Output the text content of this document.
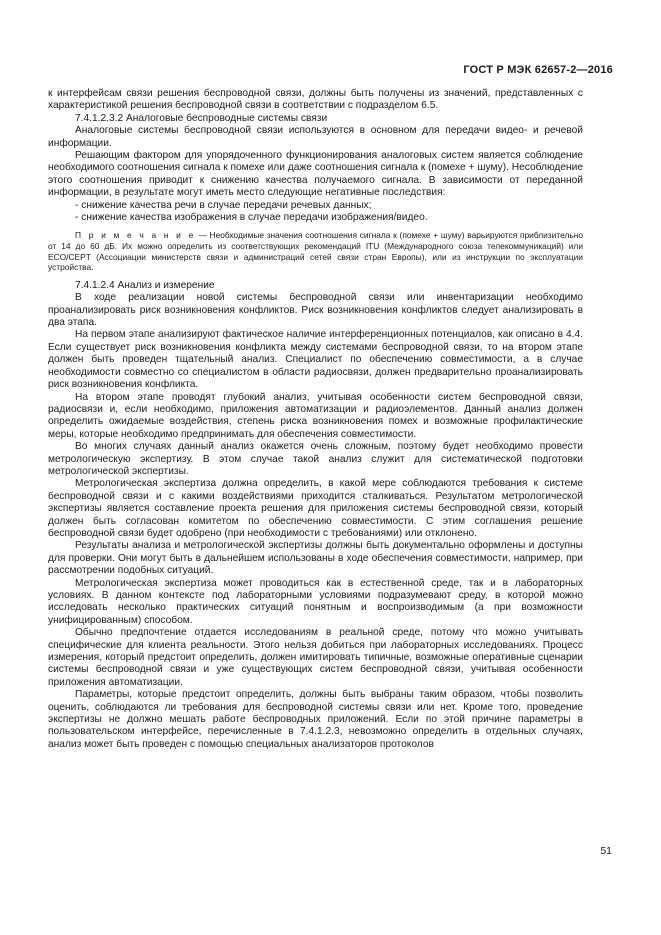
ГОСТ Р МЭК 62657-2—2016

к интерфейсам связи решения беспроводной связи, должны быть получены из значений, представленных с характеристикой решения беспроводной связи в соответствии с подразделом 6.5.

7.4.1.2.3.2 Аналоговые беспроводные системы связи

Аналоговые системы беспроводной связи используются в основном для передачи видео- и речевой информации.

Решающим фактором для упорядоченного функционирования аналоговых систем является соблюдение необходимого соотношения сигнала к помехе или даже соотношения сигнала к (помехе + шуму). Несоблюдение этого соотношения приводит к снижению качества получаемого сигнала. В зависимости от переданной информации, в результате могут иметь место следующие негативные последствия:

- снижение качества речи в случае передачи речевых данных;

- снижение качества изображения в случае передачи изображения/видео.

П р и м е ч а н и е — Необходимые значения соотношения сигнала к (помехе + шуму) варьируются приблизительно от 14 до 60 дБ. Их можно определить из соответствующих рекомендаций ITU (Международного союза телекоммуникаций) или ECO/CEPT (Ассоциации министерств связи и администраций сетей связи стран Европы), или из инструкции по эксплуатации устройства.

7.4.1.2.4 Анализ и измерение

В ходе реализации новой системы беспроводной связи или инвентаризации необходимо проанализировать риск возникновения конфликтов. Риск возникновения конфликтов следует анализировать в два этапа.

На первом этапе анализируют фактическое наличие интерференционных потенциалов, как описано в 4.4. Если существует риск возникновения конфликта между системами беспроводной связи, то на втором этапе должен быть проведен тщательный анализ. Специалист по обеспечению совместимости, а в случае необходимости совместно со специалистом в области радиосвязи, должен предварительно проанализировать риск возникновения конфликта.

На втором этапе проводят глубокий анализ, учитывая особенности систем беспроводной связи, радиосвязи и, если необходимо, приложения автоматизации и радиоэлементов. Данный анализ должен определить ожидаемые воздействия, степень риска возникновения помех и возможные профилактические меры, которые необходимо предпринимать для обеспечения совместимости.

Во многих случаях данный анализ окажется очень сложным, поэтому будет необходимо провести метрологическую экспертизу. В этом случае такой анализ служит для систематической подготовки метрологической экспертизы.

Метрологическая экспертиза должна определить, в какой мере соблюдаются требования к системе беспроводной связи и с какими воздействиями приходится сталкиваться. Результатом метрологической экспертизы является составление проекта решения для приложения системы беспроводной связи, который должен быть согласован комитетом по обеспечению совместимости. С этим соглашения решение беспроводной связи будет одобрено (при необходимости с требованиями) или отклонено.

Результаты анализа и метрологической экспертизы должны быть документально оформлены и доступны для проверки. Они могут быть в дальнейшем использованы в ходе обеспечения совместимости, например, при рассмотрении подобных ситуаций.

Метрологическая экспертиза может проводиться как в естественной среде, так и в лабораторных условиях. В данном контексте под лабораторными условиями подразумевают среду, в которой можно исследовать несколько практических ситуаций понятным и воспроизводимым (а при возможности унифицированным) способом.

Обычно предпочтение отдается исследованиям в реальной среде, потому что можно учитывать специфические для клиента реальности. Этого нельзя добиться при лабораторных исследованиях. Процесс измерения, который предстоит определить, должен имитировать типичные, возможные оперативные сценарии системы беспроводной связи и уже существующих систем беспроводной связи, учитывая особенности приложения автоматизации.

Параметры, которые предстоит определить, должны быть выбраны таким образом, чтобы позволить оценить, соблюдаются ли требования для беспроводной системы связи или нет. Кроме того, проведение экспертизы не должно мешать работе беспроводных приложений. Если по этой причине параметры в пользовательском интерфейсе, перечисленные в 7.4.1.2.3, невозможно определить в отдельных случаях, анализ может быть проведен с помощью специальных анализаторов протоколов

51
